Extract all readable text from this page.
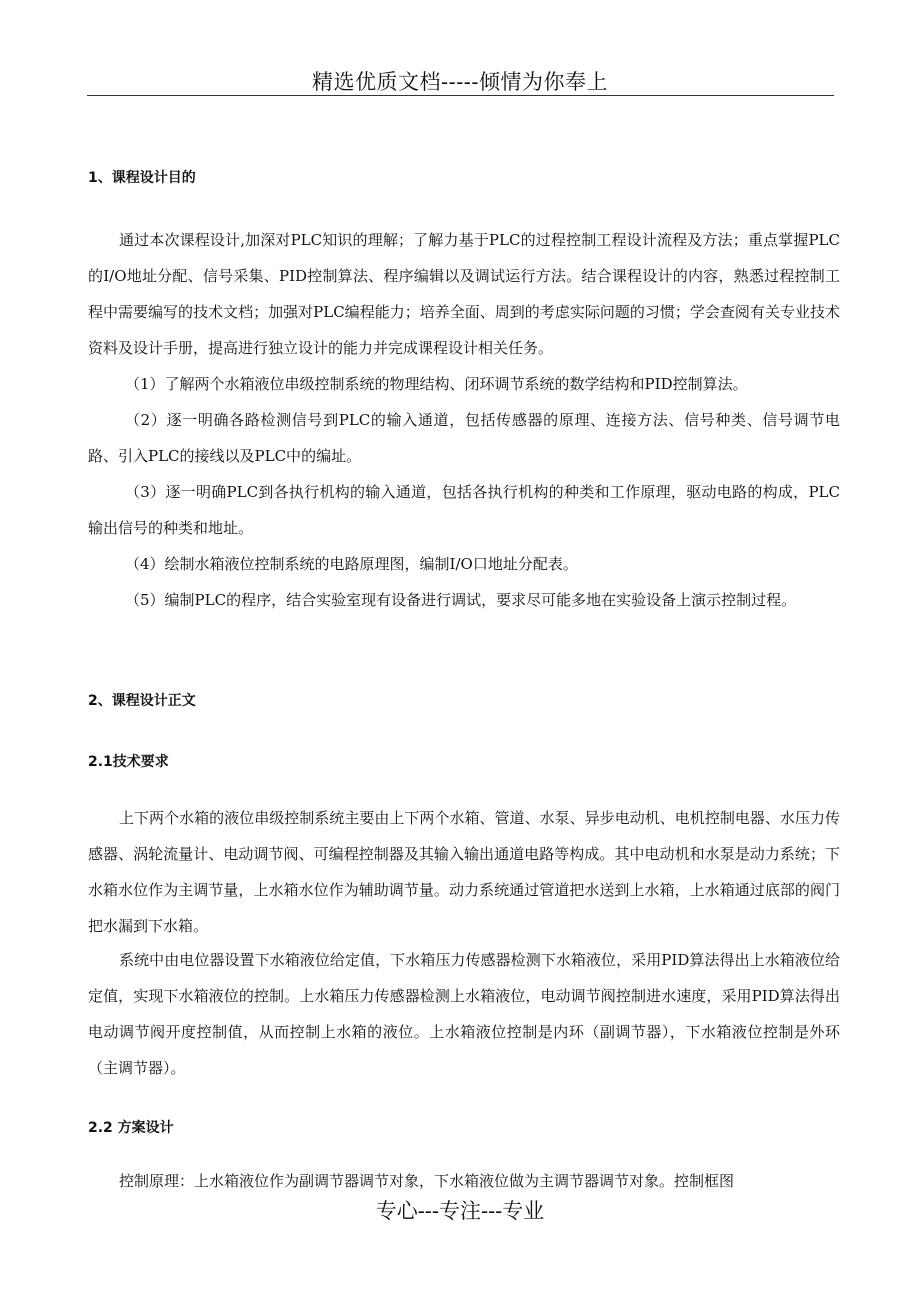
精选优质文档-----倾情为你奉上
1、课程设计目的
通过本次课程设计,加深对PLC知识的理解；了解力基于PLC的过程控制工程设计流程及方法；重点掌握PLC的I/O地址分配、信号采集、PID控制算法、程序编辑以及调试运行方法。结合课程设计的内容，熟悉过程控制工程中需要编写的技术文档；加强对PLC编程能力；培养全面、周到的考虑实际问题的习惯；学会查阅有关专业技术资料及设计手册，提高进行独立设计的能力并完成课程设计相关任务。
（1）了解两个水箱液位串级控制系统的物理结构、闭环调节系统的数学结构和PID控制算法。
（2）逐一明确各路检测信号到PLC的输入通道，包括传感器的原理、连接方法、信号种类、信号调节电路、引入PLC的接线以及PLC中的编址。
（3）逐一明确PLC到各执行机构的输入通道，包括各执行机构的种类和工作原理，驱动电路的构成，PLC输出信号的种类和地址。
（4）绘制水箱液位控制系统的电路原理图，编制I/O口地址分配表。
（5）编制PLC的程序，结合实验室现有设备进行调试，要求尽可能多地在实验设备上演示控制过程。
2、课程设计正文
2.1技术要求
上下两个水箱的液位串级控制系统主要由上下两个水箱、管道、水泵、异步电动机、电机控制电器、水压力传感器、涡轮流量计、电动调节阀、可编程控制器及其输入输出通道电路等构成。其中电动机和水泵是动力系统；下水箱水位作为主调节量，上水箱水位作为辅助调节量。动力系统通过管道把水送到上水箱，上水箱通过底部的阀门把水漏到下水箱。
系统中由电位器设置下水箱液位给定值，下水箱压力传感器检测下水箱液位，采用PID算法得出上水箱液位给定值，实现下水箱液位的控制。上水箱压力传感器检测上水箱液位，电动调节阀控制进水速度，采用PID算法得出电动调节阀开度控制值，从而控制上水箱的液位。上水箱液位控制是内环（副调节器），下水箱液位控制是外环（主调节器）。
2.2 方案设计
控制原理：上水箱液位作为副调节器调节对象，下水箱液位做为主调节器调节对象。控制框图
专心---专注---专业
